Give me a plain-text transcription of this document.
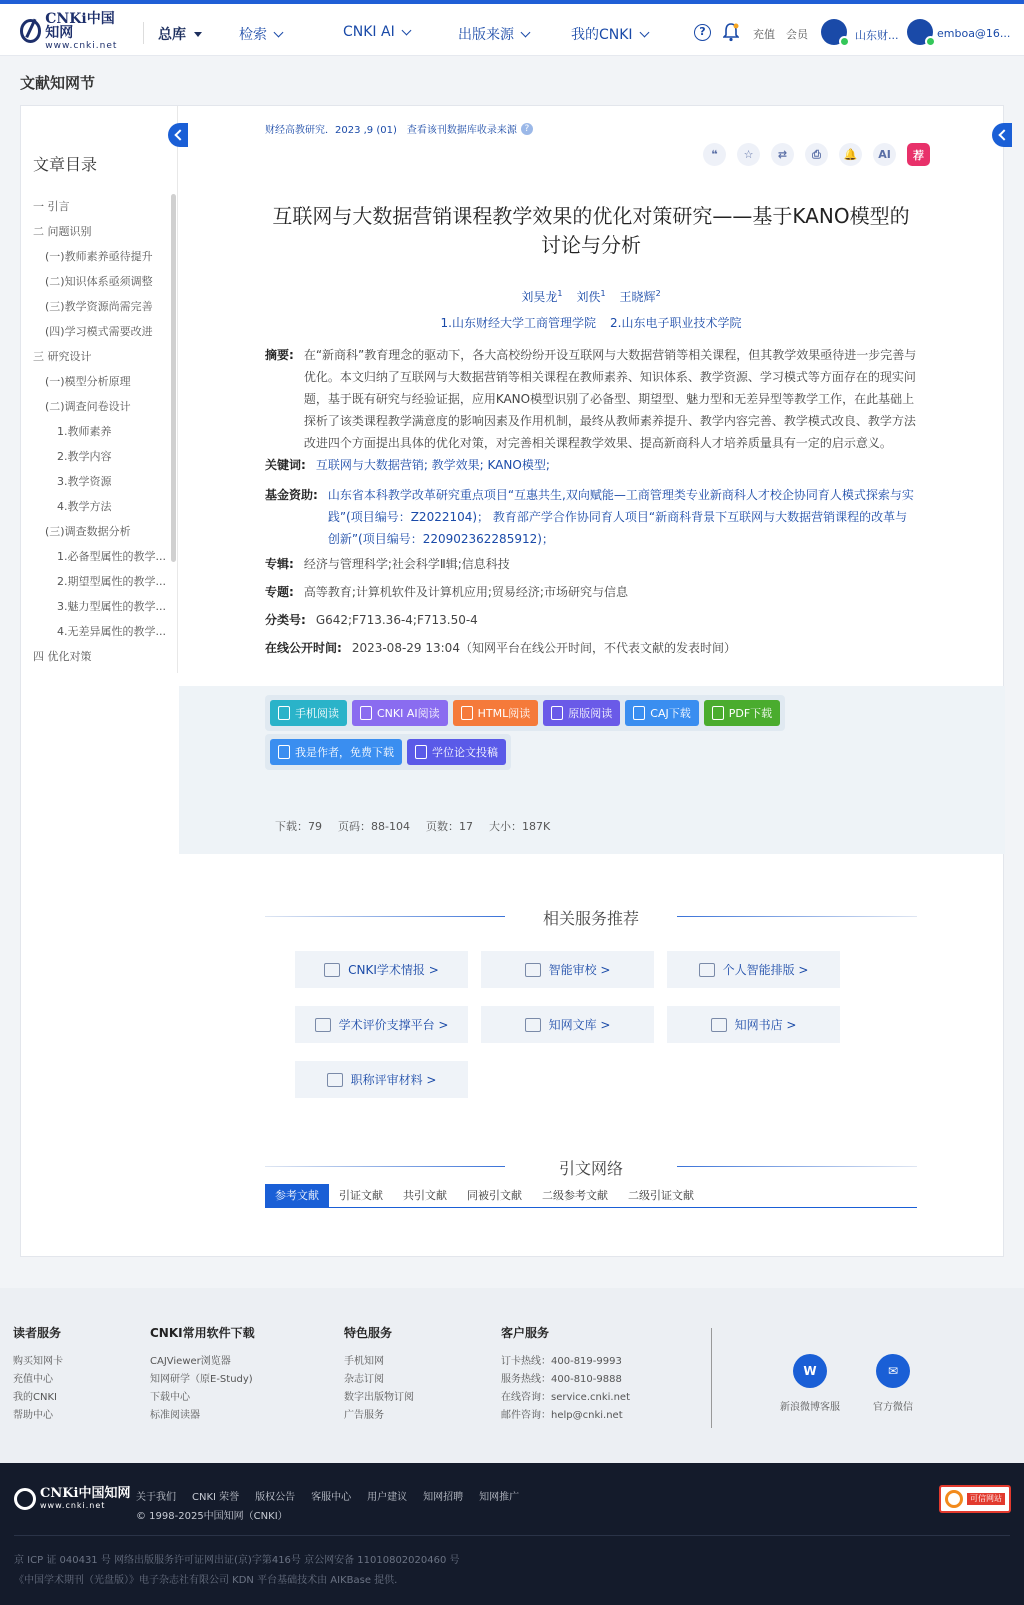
CNKi中国知网
www.cnki.net
总库	检索	CNKI AI	出版来源	我的CNKI	?	充值 会员	山东财...	emboa@16...
文献知网节
文章目录
一 引言
二 问题识别
(一)教师素养亟待提升
(二)知识体系亟须调整
(三)教学资源尚需完善
(四)学习模式需要改进
三 研究设计
(一)模型分析原理
(二)调查问卷设计
1.教师素养
2.教学内容
3.教学资源
4.教学方法
(三)调查数据分析
1.必备型属性的教学...
2.期望型属性的教学...
3.魅力型属性的教学...
4.无差异属性的教学...
四 优化对策
财经高教研究．2023 ,9 (01) 查看该刊数据库收录来源 ?
❝	☆	⇄	⎙	🔔	AI	荐
互联网与大数据营销课程教学效果的优化对策研究——基于KANO模型的讨论与分析
刘昊龙$^1$ 刘佚$^1$ 王晓辉$^2$
1.山东财经大学工商管理学院 2.山东电子职业技术学院
摘要: 在“新商科”教育理念的驱动下，各大高校纷纷开设互联网与大数据营销等相关课程，但其教学效果亟待进一步完善与优化。本文归纳了互联网与大数据营销等相关课程在教师素养、知识体系、教学资源、学习模式等方面存在的现实问题，基于既有研究与经验证据，应用KANO模型识别了必备型、期望型、魅力型和无差异型等教学工作，在此基础上探析了该类课程教学满意度的影响因素及作用机制，最终从教师素养提升、教学内容完善、教学模式改良、教学方法改进四个方面提出具体的优化对策，对完善相关课程教学效果、提高新商科人才培养质量具有一定的启示意义。
关键词: 互联网与大数据营销; 教学效果; KANO模型;
基金资助: 山东省本科教学改革研究重点项目“互惠共生,双向赋能—工商管理类专业新商科人才校企协同育人模式探索与实践”(项目编号：Z2022104)； 教育部产学合作协同育人项目“新商科背景下互联网与大数据营销课程的改革与创新”(项目编号：220902362285912)；
专辑: 经济与管理科学;社会科学Ⅱ辑;信息科技
专题: 高等教育;计算机软件及计算机应用;贸易经济;市场研究与信息
分类号: G642;F713.36-4;F713.50-4
在线公开时间: 2023-08-29 13:04（知网平台在线公开时间，不代表文献的发表时间）
手机阅读	CNKI AI阅读	HTML阅读	原版阅读	CAJ下载	PDF下载
我是作者，免费下载	学位论文投稿
下载：79 页码：88-104 页数：17 大小：187K
相关服务推荐
CNKI学术情报 >	智能审校 >	个人智能排版 >
学术评价支撑平台 >	知网文库 >	知网书店 >
职称评审材料 >
引文网络
参考文献	引证文献	共引文献	同被引文献	二级参考文献	二级引证文献
读者服务
购买知网卡
充值中心
我的CNKI
帮助中心
CNKI常用软件下载
CAJViewer浏览器
知网研学（原E-Study)
下载中心
标准阅读器
特色服务
手机知网
杂志订阅
数字出版物订阅
广告服务
客户服务
订卡热线：400-819-9993
服务热线：400-810-9888
在线咨询：service.cnki.net
邮件咨询：help@cnki.net
W
新浪微博客服
✉
官方微信
CNKi中国知网
www.cnki.net
关于我们 CNKI 荣誉 版权公告 客服中心 用户建议 知网招聘 知网推广
© 1998-2025中国知网（CNKI）
可信网站
京 ICP 证 040431 号 网络出版服务许可证网出证(京)字第416号 京公网安备 11010802020460 号
《中国学术期刊（光盘版）》电子杂志社有限公司 KDN 平台基础技术由 AIKBase 提供.
